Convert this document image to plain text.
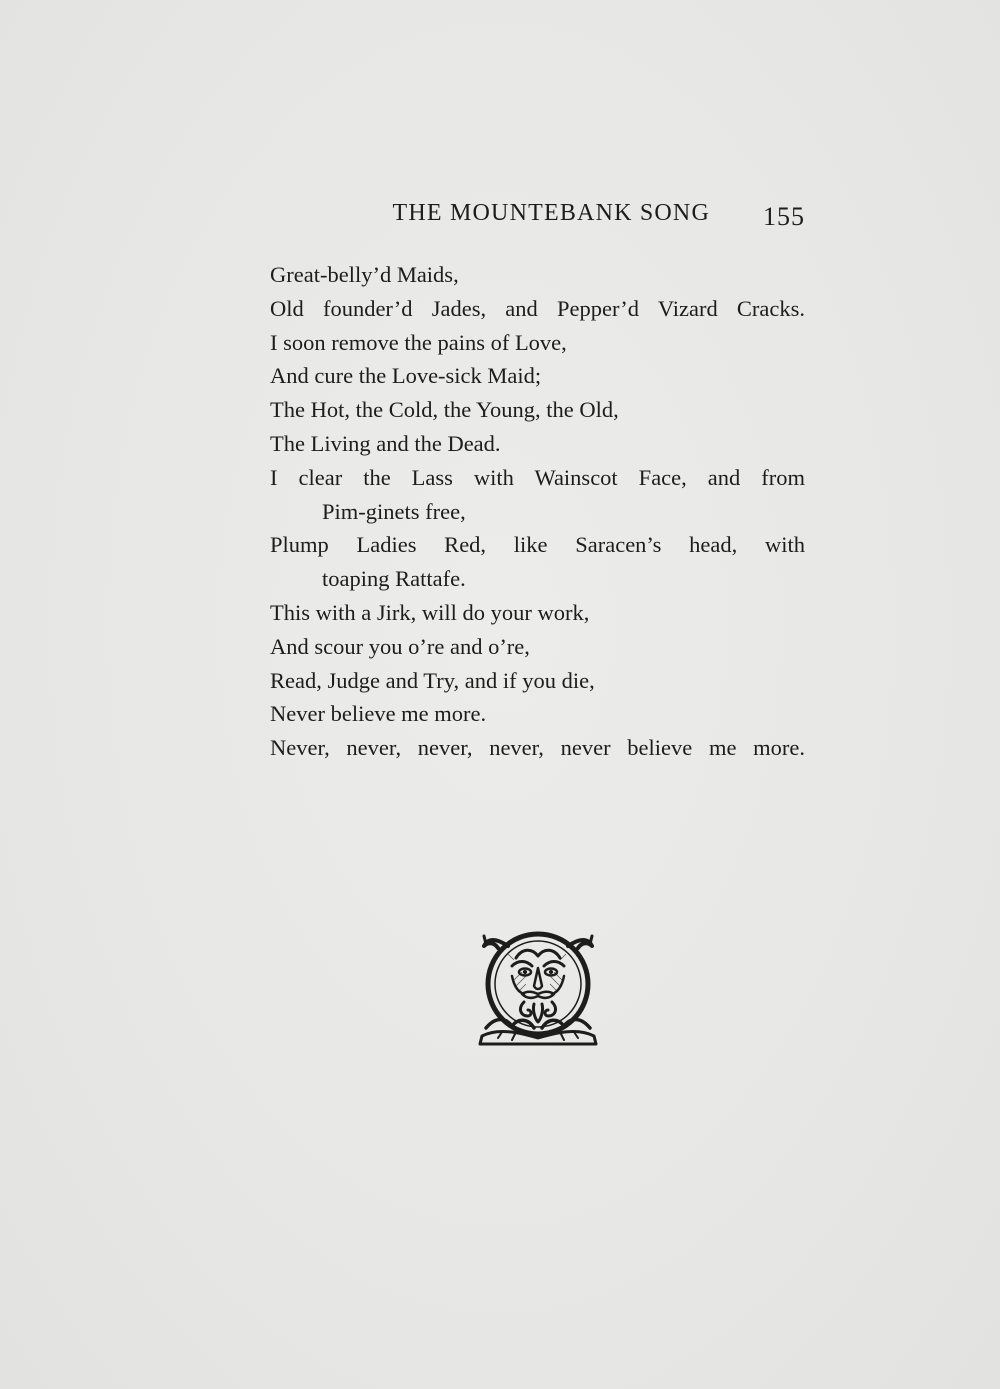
THE MOUNTEBANK SONG 155
Great-belly’d Maids,
Old founder’d Jades, and Pepper’d Vizard Cracks.
I soon remove the pains of Love,
And cure the Love-sick Maid;
The Hot, the Cold, the Young, the Old,
The Living and the Dead.
I clear the Lass with Wainscot Face, and from
Pim-ginets free,
Plump Ladies Red, like Saracen’s head, with
toaping Rattafe.
This with a Jirk, will do your work,
And scour you o’re and o’re,
Read, Judge and Try, and if you die,
Never believe me more.
Never, never, never, never, never believe me more.
